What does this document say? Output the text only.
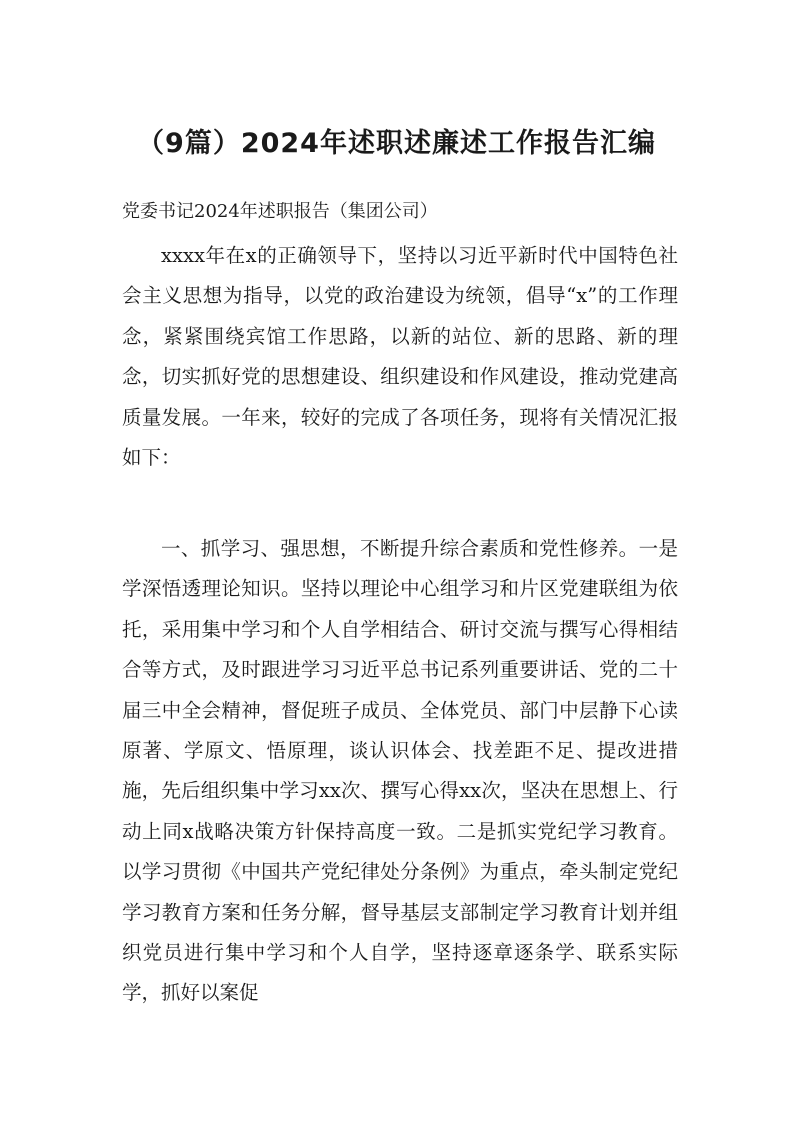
（9篇）2024年述职述廉述工作报告汇编
党委书记2024年述职报告（集团公司）

xxxx年在x的正确领导下，坚持以习近平新时代中国特色社会主义思想为指导，以党的政治建设为统领，倡导“x”的工作理念，紧紧围绕宾馆工作思路，以新的站位、新的思路、新的理念，切实抓好党的思想建设、组织建设和作风建设，推动党建高质量发展。一年来，较好的完成了各项任务，现将有关情况汇报如下：

一、抓学习、强思想，不断提升综合素质和党性修养。一是学深悟透理论知识。坚持以理论中心组学习和片区党建联组为依托，采用集中学习和个人自学相结合、研讨交流与撰写心得相结合等方式，及时跟进学习习近平总书记系列重要讲话、党的二十届三中全会精神，督促班子成员、全体党员、部门中层静下心读原著、学原文、悟原理，谈认识体会、找差距不足、提改进措施，先后组织集中学习xx次、撰写心得xx次，坚决在思想上、行动上同x战略决策方针保持高度一致。二是抓实党纪学习教育。以学习贯彻《中国共产党纪律处分条例》为重点，牵头制定党纪学习教育方案和任务分解，督导基层支部制定学习教育计划并组织党员进行集中学习和个人自学，坚持逐章逐条学、联系实际学，抓好以案促
